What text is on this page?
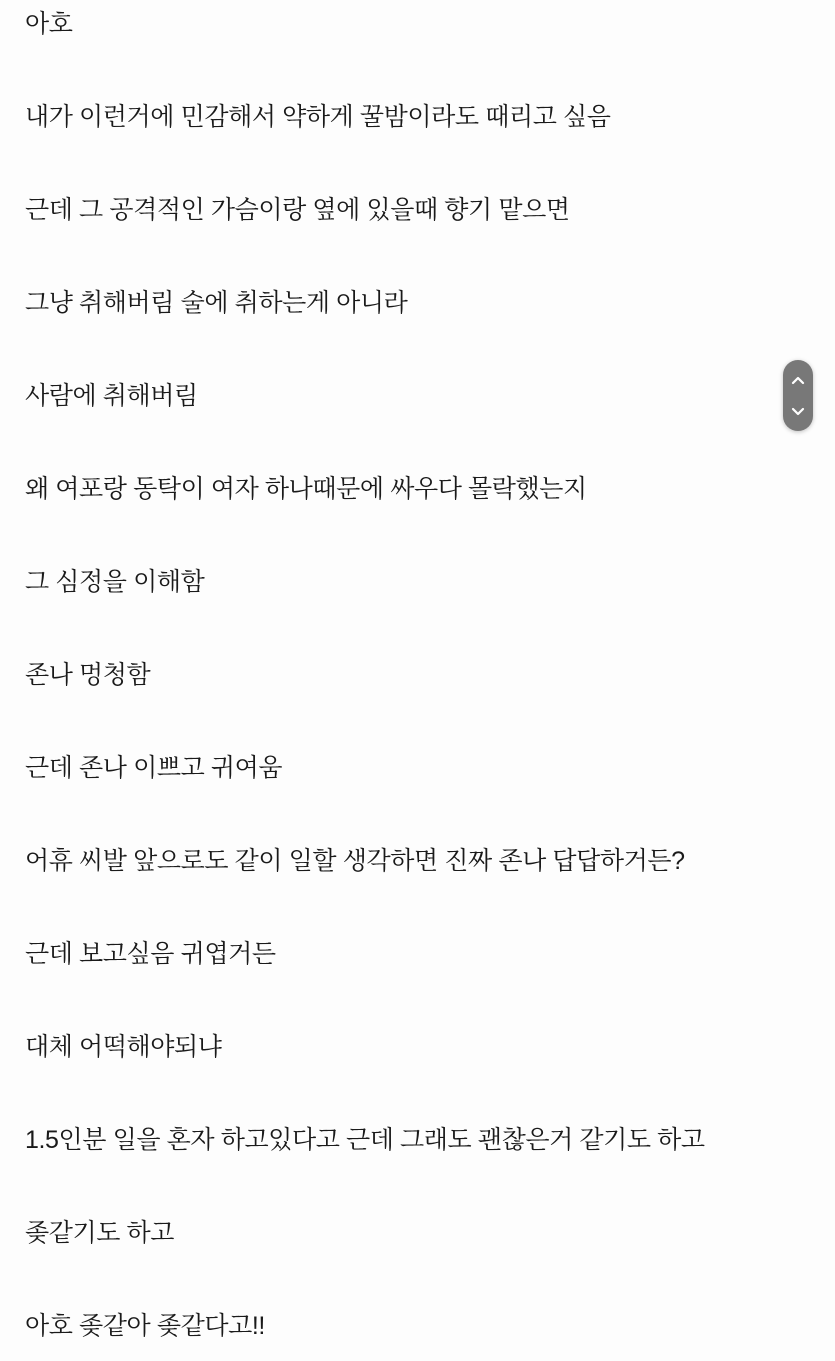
아호

내가 이런거에 민감해서 약하게 꿀밤이라도 때리고 싶음

근데 그 공격적인 가슴이랑 옆에 있을때 향기 맡으면

그냥 취해버림 술에 취하는게 아니라

사람에 취해버림

왜 여포랑 동탁이 여자 하나때문에 싸우다 몰락했는지

그 심정을 이해함

존나 멍청함

근데 존나 이쁘고 귀여움

어휴 씨발 앞으로도 같이 일할 생각하면 진짜 존나 답답하거든?

근데 보고싶음 귀엽거든

대체 어떡해야되냐

1.5인분 일을 혼자 하고있다고 근데 그래도 괜찮은거 같기도 하고

좆같기도 하고

아호 좆같아 좆같다고!!
